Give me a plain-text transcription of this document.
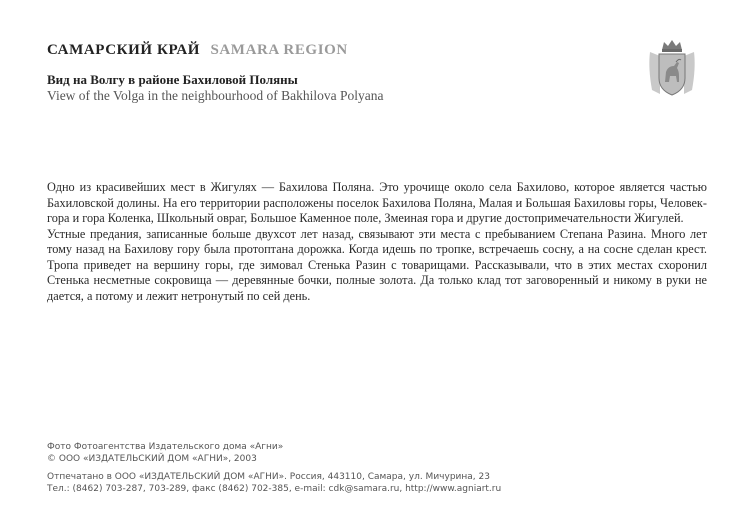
САМАРСКИЙ КРАЙ SAMARA REGION
Вид на Волгу в районе Бахиловой Поляны
View of the Volga in the neighbourhood of Bakhilova Polyana

Одно из красивейших мест в Жигулях — Бахилова Поляна. Это урочище около села Бахилово, которое является частью Бахиловской долины. На его территории расположены поселок Бахилова Поляна, Малая и Большая Бахиловы горы, Человек-гора и гора Коленка, Школьный овраг, Большое Каменное поле, Змеиная гора и другие достопримечательности Жигулей.

Устные предания, записанные больше двухсот лет назад, связывают эти места с пребыванием Степана Разина. Много лет тому назад на Бахилову гору была протоптана дорожка. Когда идешь по тропке, встречаешь сосну, а на сосне сделан крест. Тропа приведет на вершину горы, где зимовал Стенька Разин с товарищами. Рассказывали, что в этих местах схоронил Стенька несметные сокровища — деревянные бочки, полные золота. Да только клад тот заговоренный и никому в руки не дается, а потому и лежит нетронутый по сей день.

Фото Фотоагентства Издательского дома «Агни»
© ООО «ИЗДАТЕЛЬСКИЙ ДОМ «АГНИ», 2003
Отпечатано в ООО «ИЗДАТЕЛЬСКИЙ ДОМ «АГНИ». Россия, 443110, Самара, ул. Мичурина, 23
Тел.: (8462) 703-287, 703-289, факс (8462) 702-385, e-mail: cdk@samara.ru, http://www.agniart.ru
